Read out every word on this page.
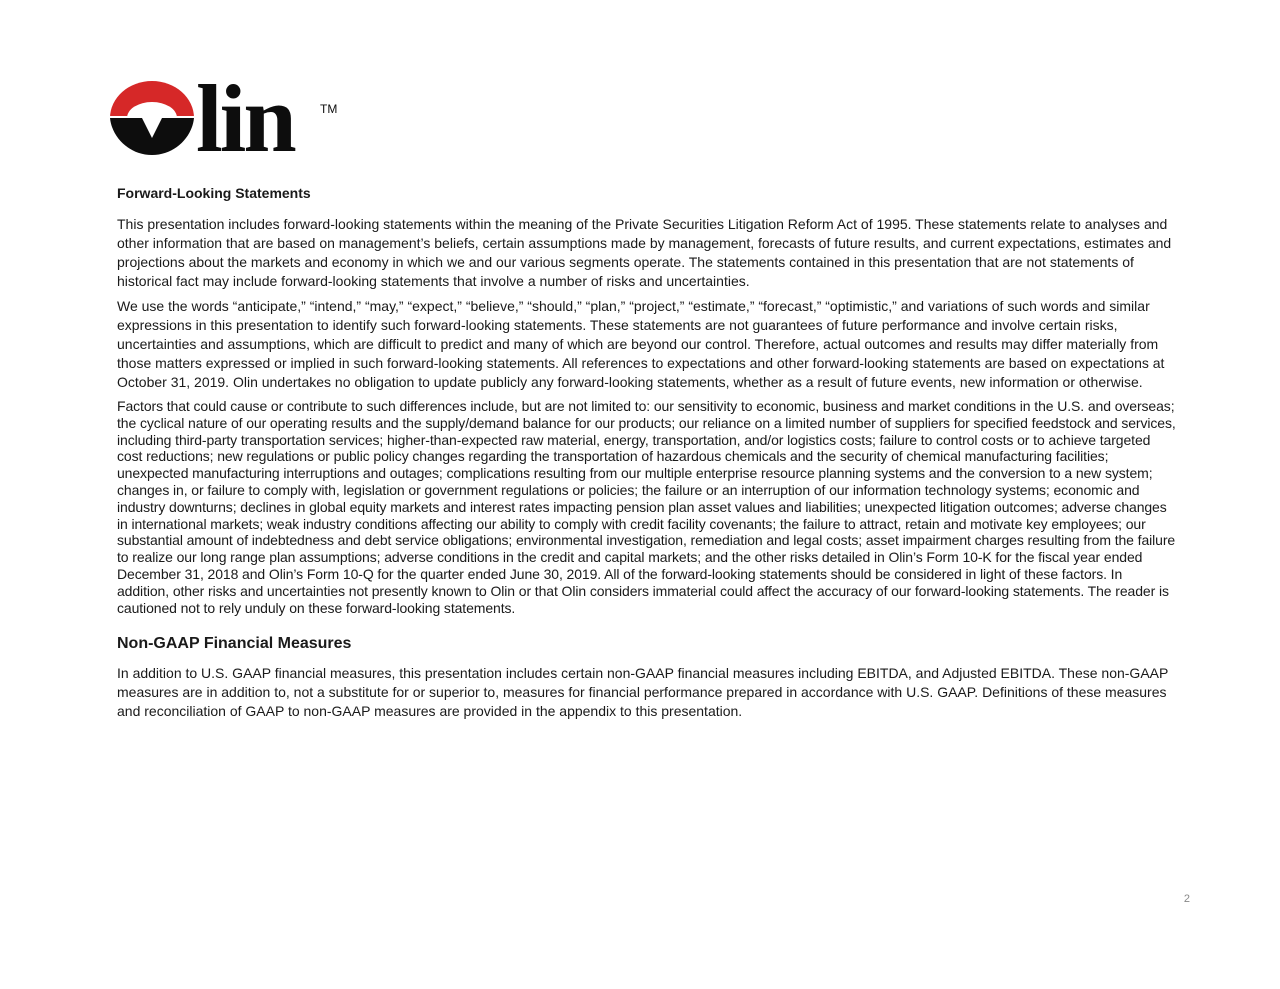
lin TM
Forward-Looking Statements

This presentation includes forward-looking statements within the meaning of the Private Securities Litigation Reform Act of 1995. These statements relate to analyses and other information that are based on management’s beliefs, certain assumptions made by management, forecasts of future results, and current expectations, estimates and projections about the markets and economy in which we and our various segments operate. The statements contained in this presentation that are not statements of historical fact may include forward-looking statements that involve a number of risks and uncertainties.

We use the words “anticipate,” “intend,” “may,” “expect,” “believe,” “should,” “plan,” “project,” “estimate,” “forecast,” “optimistic,” and variations of such words and similar expressions in this presentation to identify such forward-looking statements. These statements are not guarantees of future performance and involve certain risks, uncertainties and assumptions, which are difficult to predict and many of which are beyond our control. Therefore, actual outcomes and results may differ materially from those matters expressed or implied in such forward-looking statements. All references to expectations and other forward-looking statements are based on expectations at October 31, 2019. Olin undertakes no obligation to update publicly any forward-looking statements, whether as a result of future events, new information or otherwise.

Factors that could cause or contribute to such differences include, but are not limited to: our sensitivity to economic, business and market conditions in the U.S. and overseas; the cyclical nature of our operating results and the supply/demand balance for our products; our reliance on a limited number of suppliers for specified feedstock and services, including third-party transportation services; higher-than-expected raw material, energy, transportation, and/or logistics costs; failure to control costs or to achieve targeted cost reductions; new regulations or public policy changes regarding the transportation of hazardous chemicals and the security of chemical manufacturing facilities; unexpected manufacturing interruptions and outages; complications resulting from our multiple enterprise resource planning systems and the conversion to a new system; changes in, or failure to comply with, legislation or government regulations or policies; the failure or an interruption of our information technology systems; economic and industry downturns; declines in global equity markets and interest rates impacting pension plan asset values and liabilities; unexpected litigation outcomes; adverse changes in international markets; weak industry conditions affecting our ability to comply with credit facility covenants; the failure to attract, retain and motivate key employees; our substantial amount of indebtedness and debt service obligations; environmental investigation, remediation and legal costs; asset impairment charges resulting from the failure to realize our long range plan assumptions; adverse conditions in the credit and capital markets; and the other risks detailed in Olin’s Form 10-K for the fiscal year ended December 31, 2018 and Olin’s Form 10-Q for the quarter ended June 30, 2019. All of the forward-looking statements should be considered in light of these factors. In addition, other risks and uncertainties not presently known to Olin or that Olin considers immaterial could affect the accuracy of our forward-looking statements. The reader is cautioned not to rely unduly on these forward-looking statements.

Non-GAAP Financial Measures

In addition to U.S. GAAP financial measures, this presentation includes certain non-GAAP financial measures including EBITDA, and Adjusted EBITDA. These non-GAAP measures are in addition to, not a substitute for or superior to, measures for financial performance prepared in accordance with U.S. GAAP. Definitions of these measures and reconciliation of GAAP to non-GAAP measures are provided in the appendix to this presentation.

2
